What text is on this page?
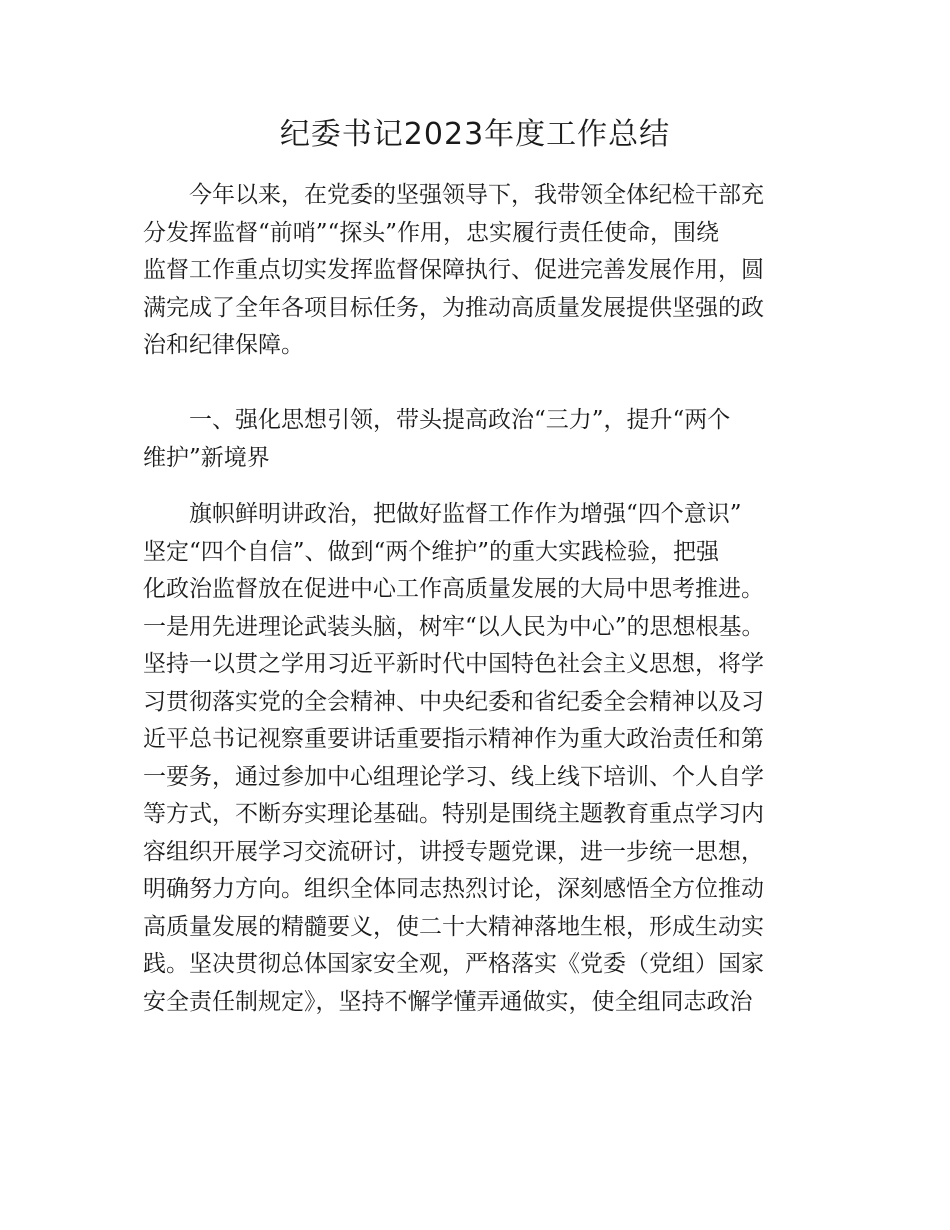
纪委书记2023年度工作总结
今年以来，在党委的坚强领导下，我带领全体纪检干部充
分发挥监督“前哨”“探头”作用，忠实履行责任使命，围绕
监督工作重点切实发挥监督保障执行、促进完善发展作用，圆
满完成了全年各项目标任务，为推动高质量发展提供坚强的政
治和纪律保障。
一、强化思想引领，带头提高政治“三力”，提升“两个
维护”新境界
旗帜鲜明讲政治，把做好监督工作作为增强“四个意识”
坚定“四个自信”、做到“两个维护”的重大实践检验，把强
化政治监督放在促进中心工作高质量发展的大局中思考推进。
一是用先进理论武装头脑，树牢“以人民为中心”的思想根基。
坚持一以贯之学用习近平新时代中国特色社会主义思想，将学
习贯彻落实党的全会精神、中央纪委和省纪委全会精神以及习
近平总书记视察重要讲话重要指示精神作为重大政治责任和第
一要务，通过参加中心组理论学习、线上线下培训、个人自学
等方式，不断夯实理论基础。特别是围绕主题教育重点学习内
容组织开展学习交流研讨，讲授专题党课，进一步统一思想，
明确努力方向。组织全体同志热烈讨论，深刻感悟全方位推动
高质量发展的精髓要义，使二十大精神落地生根，形成生动实
践。坚决贯彻总体国家安全观，严格落实《党委（党组）国家
安全责任制规定》，坚持不懈学懂弄通做实，使全组同志政治
